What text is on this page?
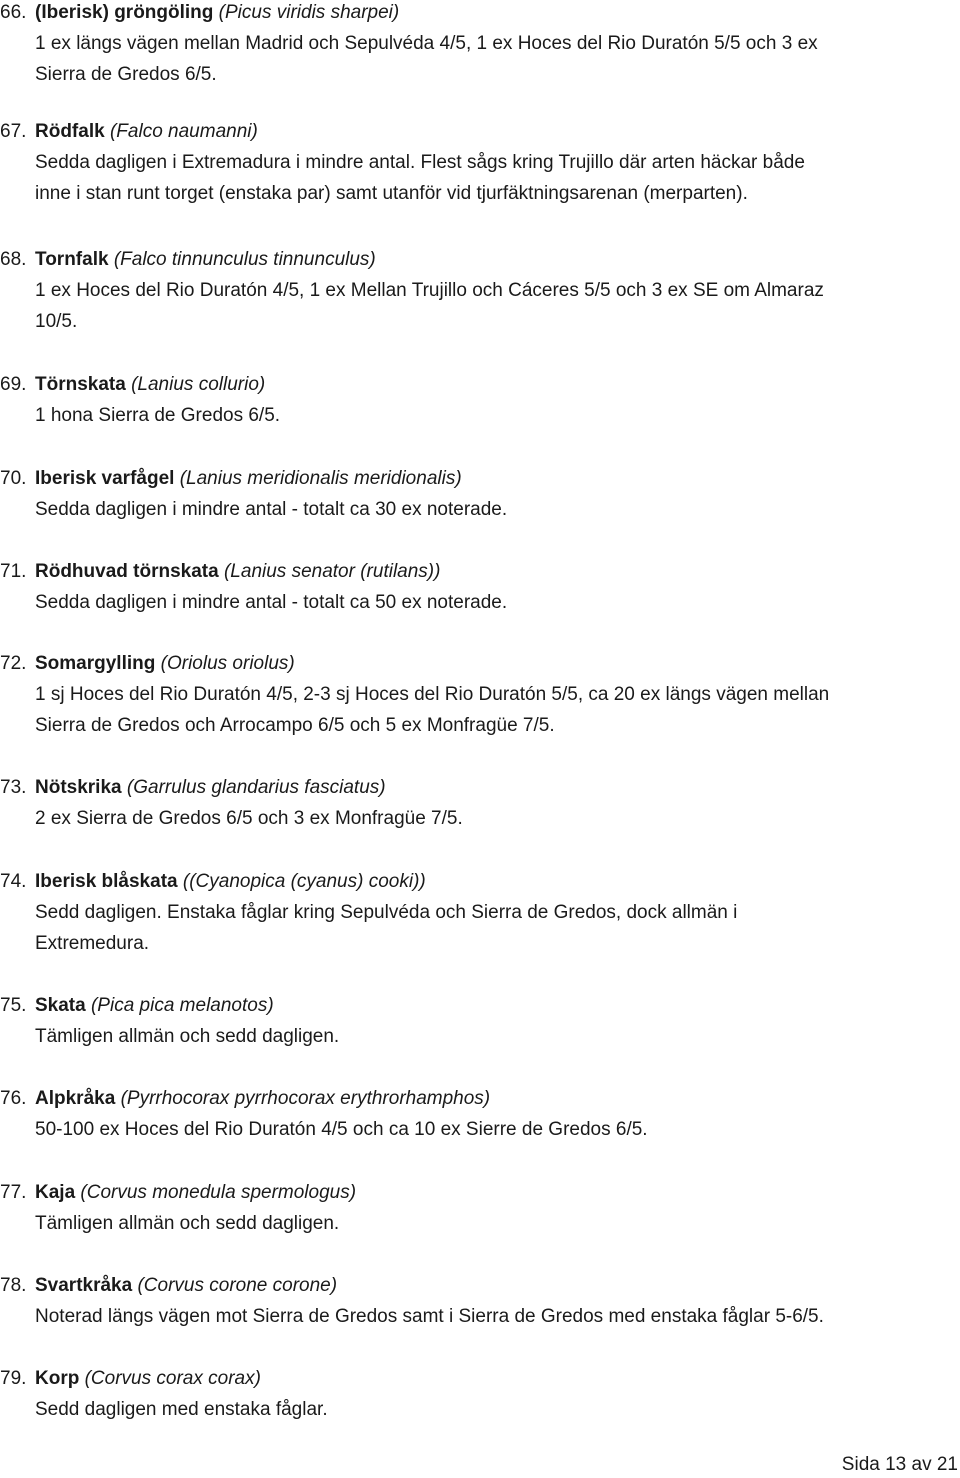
66. (Iberisk) gröngöling (Picus viridis sharpei)
1 ex längs vägen mellan Madrid och Sepulvéda 4/5, 1 ex Hoces del Rio Duratón 5/5 och 3 ex
Sierra de Gredos 6/5.
67. Rödfalk (Falco naumanni)
Sedda dagligen i Extremadura i mindre antal. Flest sågs kring Trujillo där arten häckar både
inne i stan runt torget (enstaka par) samt utanför vid tjurfäktningsarenan (merparten).
68. Tornfalk (Falco tinnunculus tinnunculus)
1 ex Hoces del Rio Duratón 4/5, 1 ex Mellan Trujillo och Cáceres 5/5 och 3 ex SE om Almaraz
10/5.
69. Törnskata (Lanius collurio)
1 hona Sierra de Gredos 6/5.
70. Iberisk varfågel (Lanius meridionalis meridionalis)
Sedda dagligen i mindre antal - totalt ca 30 ex noterade.
71. Rödhuvad törnskata (Lanius senator (rutilans))
Sedda dagligen i mindre antal - totalt ca 50 ex noterade.
72. Somargylling (Oriolus oriolus)
1 sj Hoces del Rio Duratón 4/5, 2-3 sj Hoces del Rio Duratón 5/5, ca 20 ex längs vägen mellan
Sierra de Gredos och Arrocampo 6/5 och 5 ex Monfragüe 7/5.
73. Nötskrika (Garrulus glandarius fasciatus)
2 ex Sierra de Gredos 6/5 och 3 ex Monfragüe 7/5.
74. Iberisk blåskata ((Cyanopica (cyanus) cooki))
Sedd dagligen. Enstaka fåglar kring Sepulvéda och Sierra de Gredos, dock allmän i
Extremedura.
75. Skata (Pica pica melanotos)
Tämligen allmän och sedd dagligen.
76. Alpkråka (Pyrrhocorax pyrrhocorax erythrorhamphos)
50-100 ex Hoces del Rio Duratón 4/5 och ca 10 ex Sierre de Gredos 6/5.
77. Kaja (Corvus monedula spermologus)
Tämligen allmän och sedd dagligen.
78. Svartkråka (Corvus corone corone)
Noterad längs vägen mot Sierra de Gredos samt i Sierra de Gredos med enstaka fåglar 5-6/5.
79. Korp (Corvus corax corax)
Sedd dagligen med enstaka fåglar.
Sida 13 av 21
